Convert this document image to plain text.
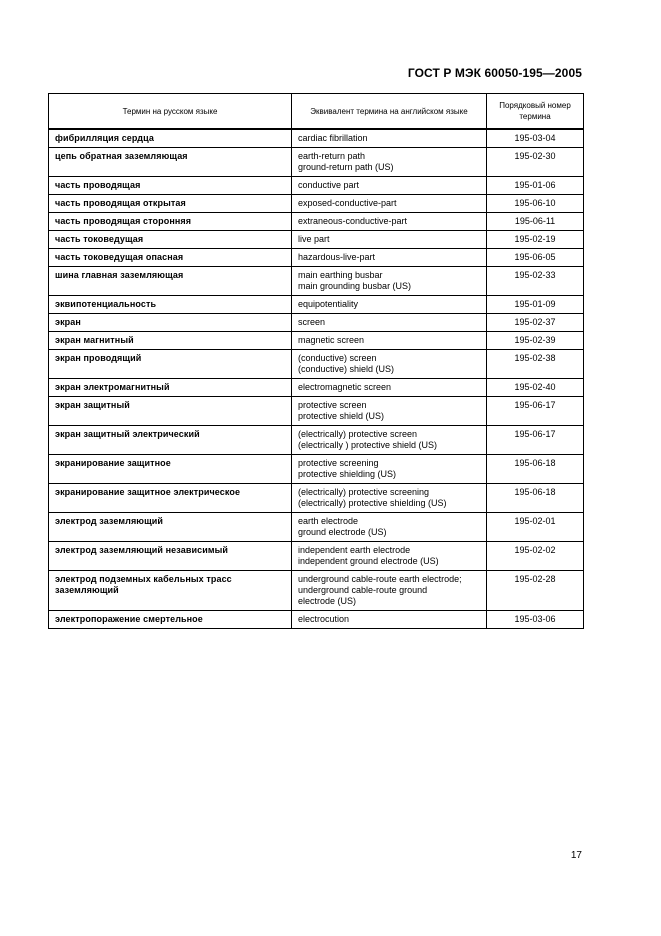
ГОСТ Р МЭК 60050-195—2005
Термин на русском языке	Эквивалент термина на английском языке	Порядковый номер термина
фибрилляция сердца	cardiac fibrillation	195-03-04
цепь обратная заземляющая	earth-return path
ground-return path (US)	195-02-30
часть проводящая	conductive part	195-01-06
часть проводящая открытая	exposed-conductive-part	195-06-10
часть проводящая сторонняя	extraneous-conductive-part	195-06-11
часть токоведущая	live part	195-02-19
часть токоведущая опасная	hazardous-live-part	195-06-05
шина главная заземляющая	main earthing busbar
main grounding busbar (US)	195-02-33
эквипотенциальность	equipotentiality	195-01-09
экран	screen	195-02-37
экран магнитный	magnetic screen	195-02-39
экран проводящий	(conductive) screen
(conductive) shield (US)	195-02-38
экран электромагнитный	electromagnetic screen	195-02-40
экран защитный	protective screen
protective shield (US)	195-06-17
экран защитный электрический	(electrically) protective screen
(electrically ) protective shield (US)	195-06-17
экранирование защитное	protective screening
protective shielding (US)	195-06-18
экранирование защитное электрическое	(electrically) protective screening
(electrically) protective shielding (US)	195-06-18
электрод заземляющий	earth electrode
ground electrode (US)	195-02-01
электрод заземляющий независимый	independent earth electrode
independent ground electrode (US)	195-02-02
электрод подземных кабельных трасс заземляющий	underground cable-route earth electrode;
underground cable-route ground
electrode (US)	195-02-28
электропоражение смертельное	electrocution	195-03-06
17
